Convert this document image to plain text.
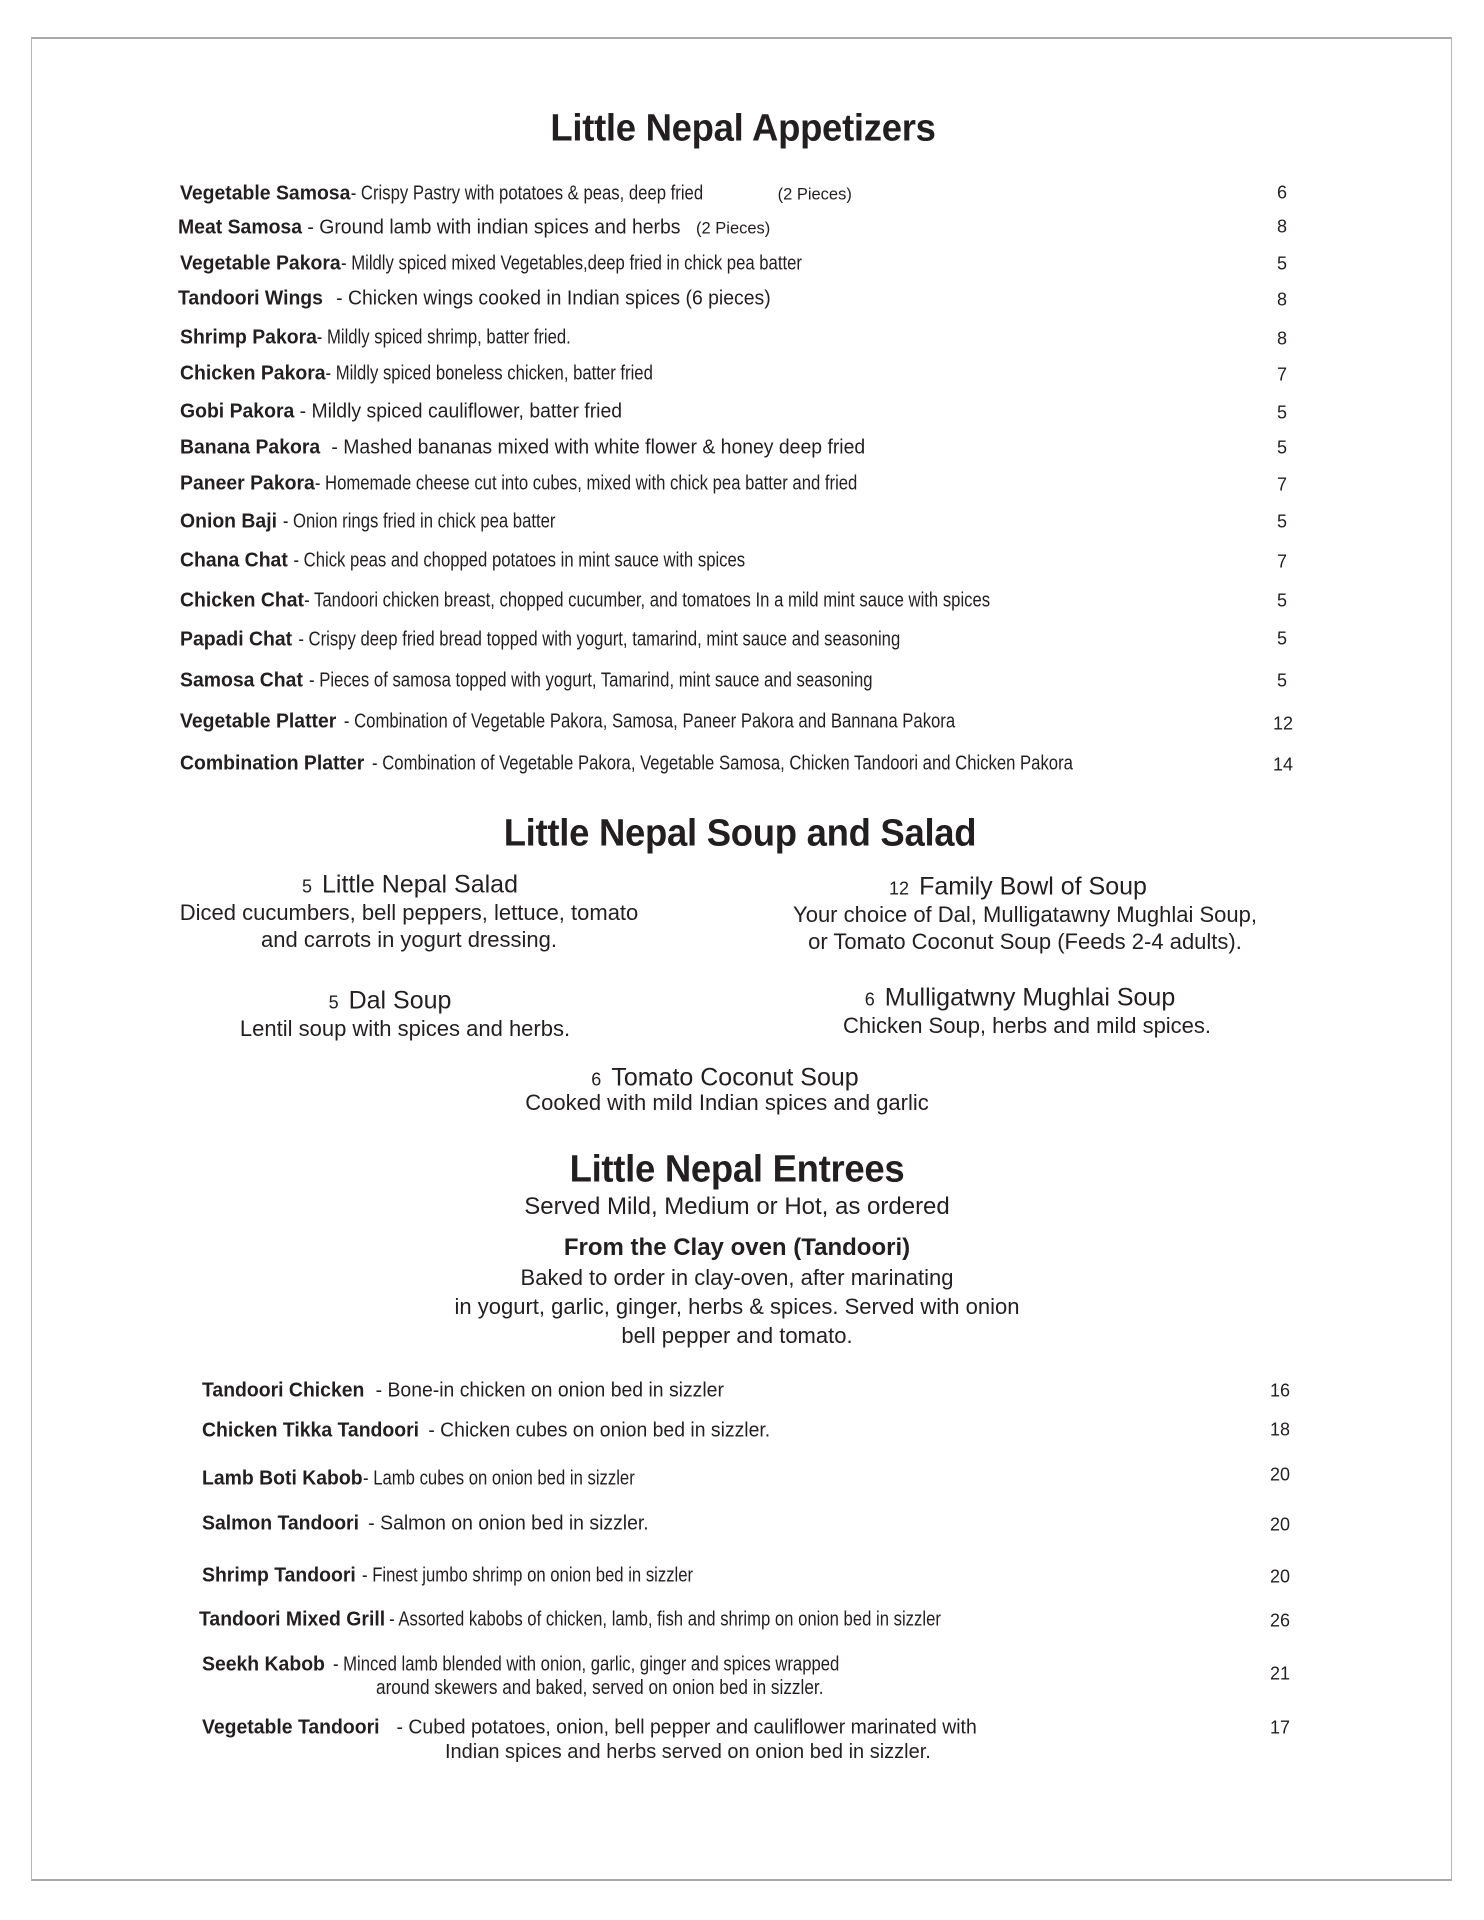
Little Nepal Appetizers
Vegetable Samosa- Crispy Pastry with potatoes & peas, deep fried	(2 Pieces)	6
Meat Samosa - Ground lamb with indian spices and herbs (2 Pieces)	8
Vegetable Pakora- Mildly spiced mixed Vegetables,deep fried in chick pea batter	5
Tandoori Wings - Chicken wings cooked in Indian spices (6 pieces)	8
Shrimp Pakora- Mildly spiced shrimp, batter fried.	8
Chicken Pakora- Mildly spiced boneless chicken, batter fried	7
Gobi Pakora - Mildly spiced cauliflower, batter fried	5
Banana Pakora - Mashed bananas mixed with white flower & honey deep fried	5
Paneer Pakora- Homemade cheese cut into cubes, mixed with chick pea batter and fried	7
Onion Baji- Onion rings fried in chick pea batter	5
Chana Chat- Chick peas and chopped potatoes in mint sauce with spices	7
Chicken Chat- Tandoori chicken breast, chopped cucumber, and tomatoes In a mild mint sauce with spices	5
Papadi Chat- Crispy deep fried bread topped with yogurt, tamarind, mint sauce and seasoning	5
Samosa Chat- Pieces of samosa topped with yogurt, Tamarind, mint sauce and seasoning	5
Vegetable Platter- Combination of Vegetable Pakora, Samosa, Paneer Pakora and Bannana Pakora	12
Combination Platter- Combination of Vegetable Pakora, Vegetable Samosa, Chicken Tandoori and Chicken Pakora	14
Little Nepal Soup and Salad
5 Little Nepal Salad
Diced cucumbers, bell peppers, lettuce, tomato
and carrots in yogurt dressing.
12 Family Bowl of Soup
Your choice of Dal, Mulligatawny Mughlai Soup,
or Tomato Coconut Soup (Feeds 2-4 adults).
5 Dal Soup
Lentil soup with spices and herbs.
6 Mulligatwny Mughlai Soup
Chicken Soup, herbs and mild spices.
6 Tomato Coconut Soup
Cooked with mild Indian spices and garlic
Little Nepal Entrees
Served Mild, Medium or Hot, as ordered
From the Clay oven (Tandoori)
Baked to order in clay-oven, after marinating
in yogurt, garlic, ginger, herbs & spices. Served with onion
bell pepper and tomato.
Tandoori Chicken - Bone-in chicken on onion bed in sizzler	16
Chicken Tikka Tandoori - Chicken cubes on onion bed in sizzler.	18
Lamb Boti Kabob- Lamb cubes on onion bed in sizzler	20
Salmon Tandoori - Salmon on onion bed in sizzler.	20
Shrimp Tandoori- Finest jumbo shrimp on onion bed in sizzler	20
Tandoori Mixed Grill- Assorted kabobs of chicken, lamb, fish and shrimp on onion bed in sizzler	26
Seekh Kabob- Minced lamb blended with onion, garlic, ginger and spices wrapped
around skewers and baked, served on onion bed in sizzler.
21
Vegetable Tandoori - Cubed potatoes, onion, bell pepper and cauliflower marinated with
Indian spices and herbs served on onion bed in sizzler.
17
